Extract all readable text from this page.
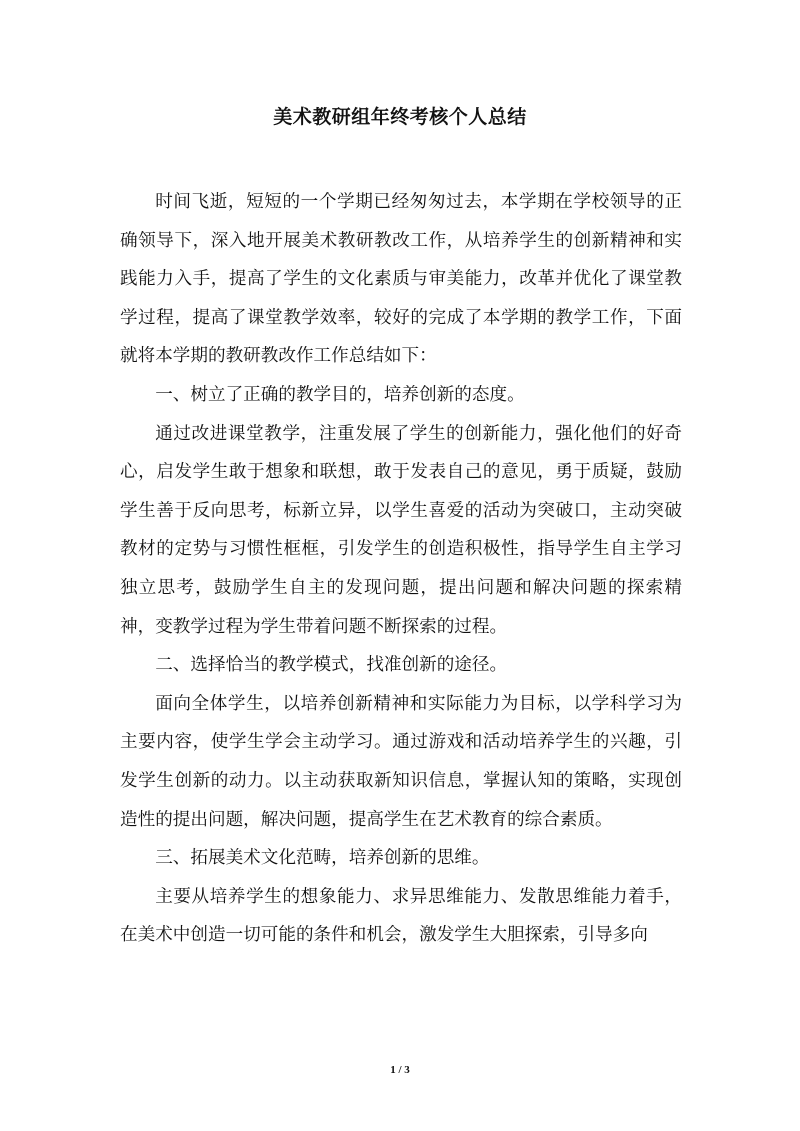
美术教研组年终考核个人总结

时间飞逝，短短的一个学期已经匆匆过去，本学期在学校领导的正确领导下，深入地开展美术教研教改工作，从培养学生的创新精神和实践能力入手，提高了学生的文化素质与审美能力，改革并优化了课堂教学过程，提高了课堂教学效率，较好的完成了本学期的教学工作，下面就将本学期的教研教改作工作总结如下：

一、树立了正确的教学目的，培养创新的态度。

通过改进课堂教学，注重发展了学生的创新能力，强化他们的好奇心，启发学生敢于想象和联想，敢于发表自己的意见，勇于质疑，鼓励学生善于反向思考，标新立异，以学生喜爱的活动为突破口，主动突破教材的定势与习惯性框框，引发学生的创造积极性，指导学生自主学习独立思考，鼓励学生自主的发现问题，提出问题和解决问题的探索精神，变教学过程为学生带着问题不断探索的过程。

二、选择恰当的教学模式，找准创新的途径。

面向全体学生，以培养创新精神和实际能力为目标，以学科学习为主要内容，使学生学会主动学习。通过游戏和活动培养学生的兴趣，引发学生创新的动力。以主动获取新知识信息，掌握认知的策略，实现创造性的提出问题，解决问题，提高学生在艺术教育的综合素质。

三、拓展美术文化范畴，培养创新的思维。

主要从培养学生的想象能力、求异思维能力、发散思维能力着手，在美术中创造一切可能的条件和机会，激发学生大胆探索，引导多向

1 / 3
